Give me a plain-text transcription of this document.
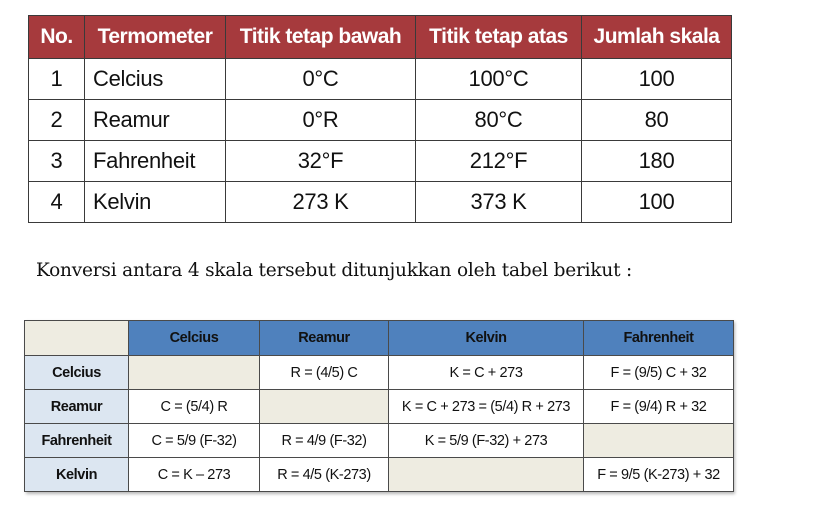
No.	Termometer	Titik tetap bawah	Titik tetap atas	Jumlah skala
1	Celcius	0°C	100°C	100
2	Reamur	0°R	80°C	80
3	Fahrenheit	32°F	212°F	180
4	Kelvin	273 K	373 K	100

Konversi antara 4 skala tersebut ditunjukkan oleh tabel berikut :

	Celcius	Reamur	Kelvin	Fahrenheit
Celcius		R = (4/5) C	K = C + 273	F = (9/5) C + 32
Reamur	C = (5/4) R		K = C + 273 = (5/4) R + 273	F = (9/4) R + 32
Fahrenheit	C = 5/9 (F-32)	R = 4/9 (F-32)	K = 5/9 (F-32) + 273	
Kelvin	C = K – 273	R = 4/5 (K-273)		F = 9/5 (K-273) + 32
